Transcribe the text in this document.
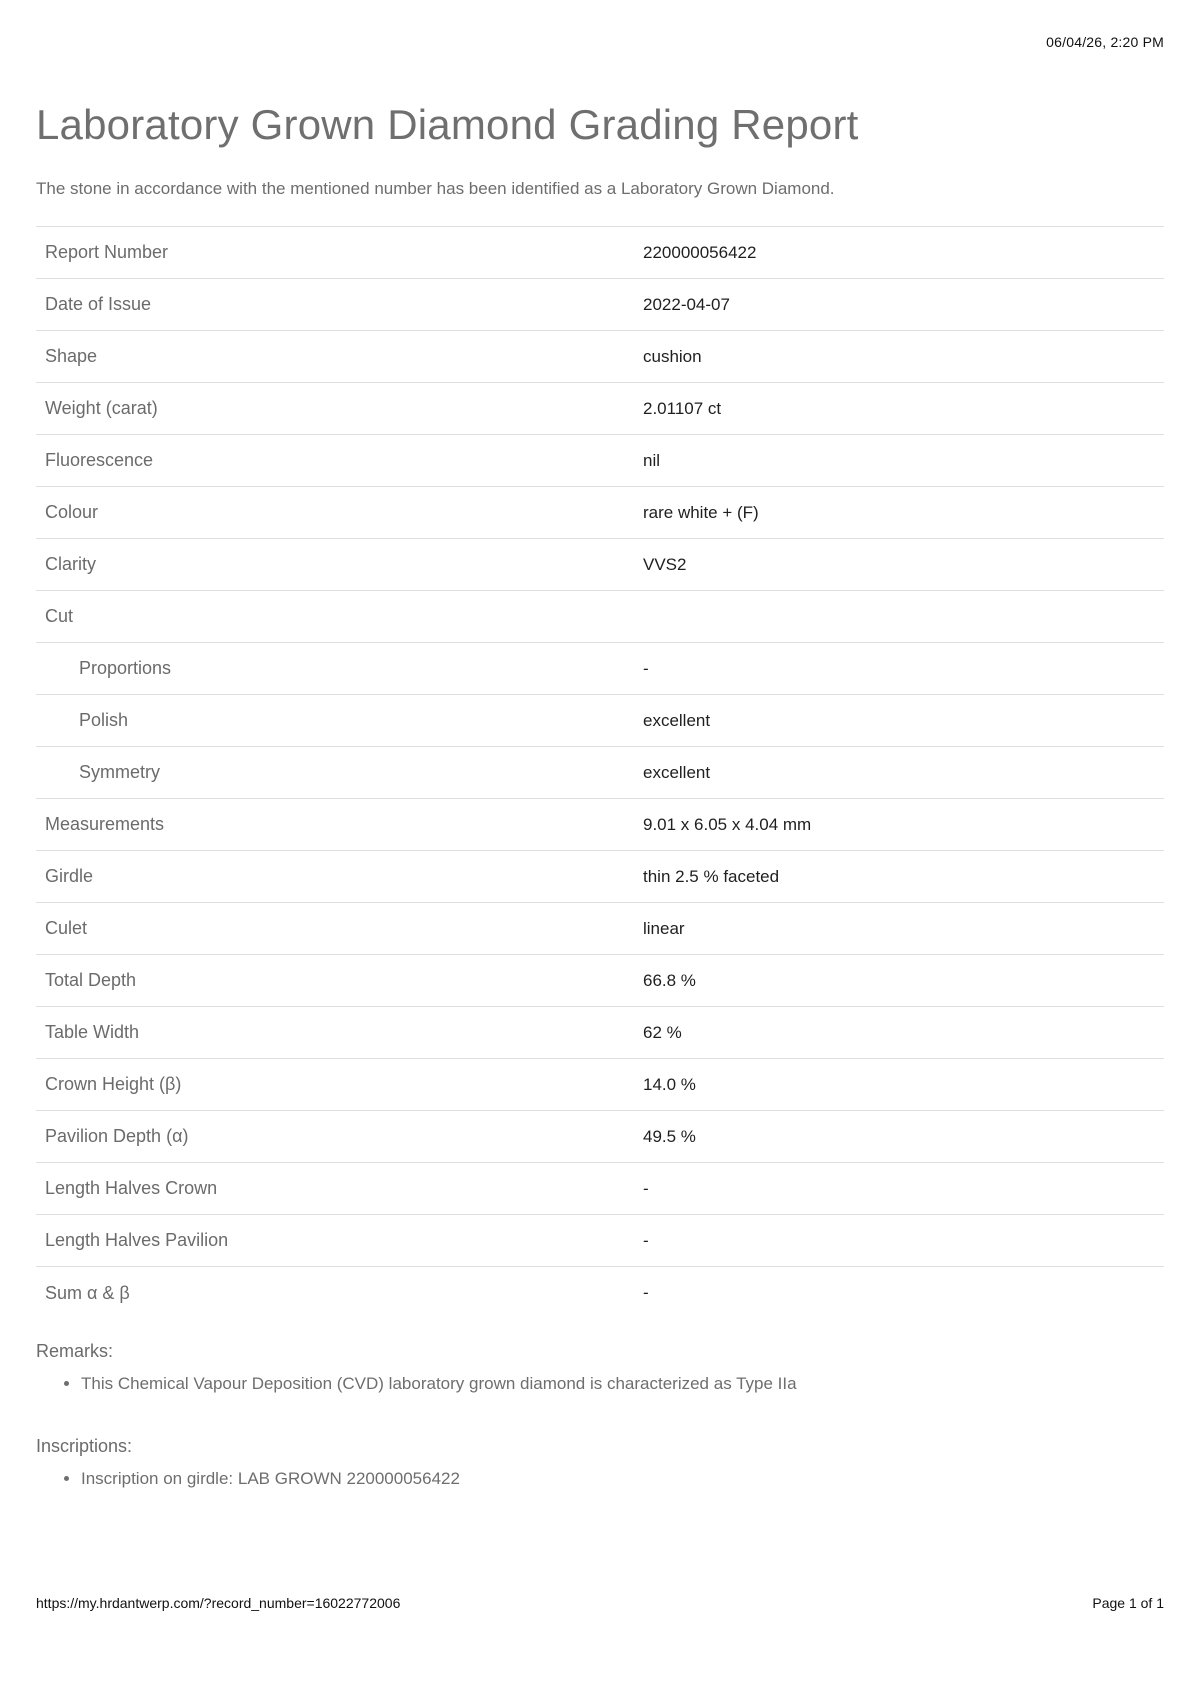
06/04/26, 2:20 PM
Laboratory Grown Diamond Grading Report

The stone in accordance with the mentioned number has been identified as a Laboratory Grown Diamond.

Report Number	220000056422
Date of Issue	2022-04-07
Shape	cushion
Weight (carat)	2.01107 ct
Fluorescence	nil
Colour	rare white + (F)
Clarity	VVS2
Cut	
Proportions	-
Polish	excellent
Symmetry	excellent
Measurements	9.01 x 6.05 x 4.04 mm
Girdle	thin 2.5 % faceted
Culet	linear
Total Depth	66.8 %
Table Width	62 %
Crown Height (β)	14.0 %
Pavilion Depth (α)	49.5 %
Length Halves Crown	-
Length Halves Pavilion	-
Sum α & β	-
Remarks:
• This Chemical Vapour Deposition (CVD) laboratory grown diamond is characterized as Type IIa
Inscriptions:
• Inscription on girdle: LAB GROWN 220000056422
https://my.hrdantwerp.com/?record_number=16022772006	Page 1 of 1
